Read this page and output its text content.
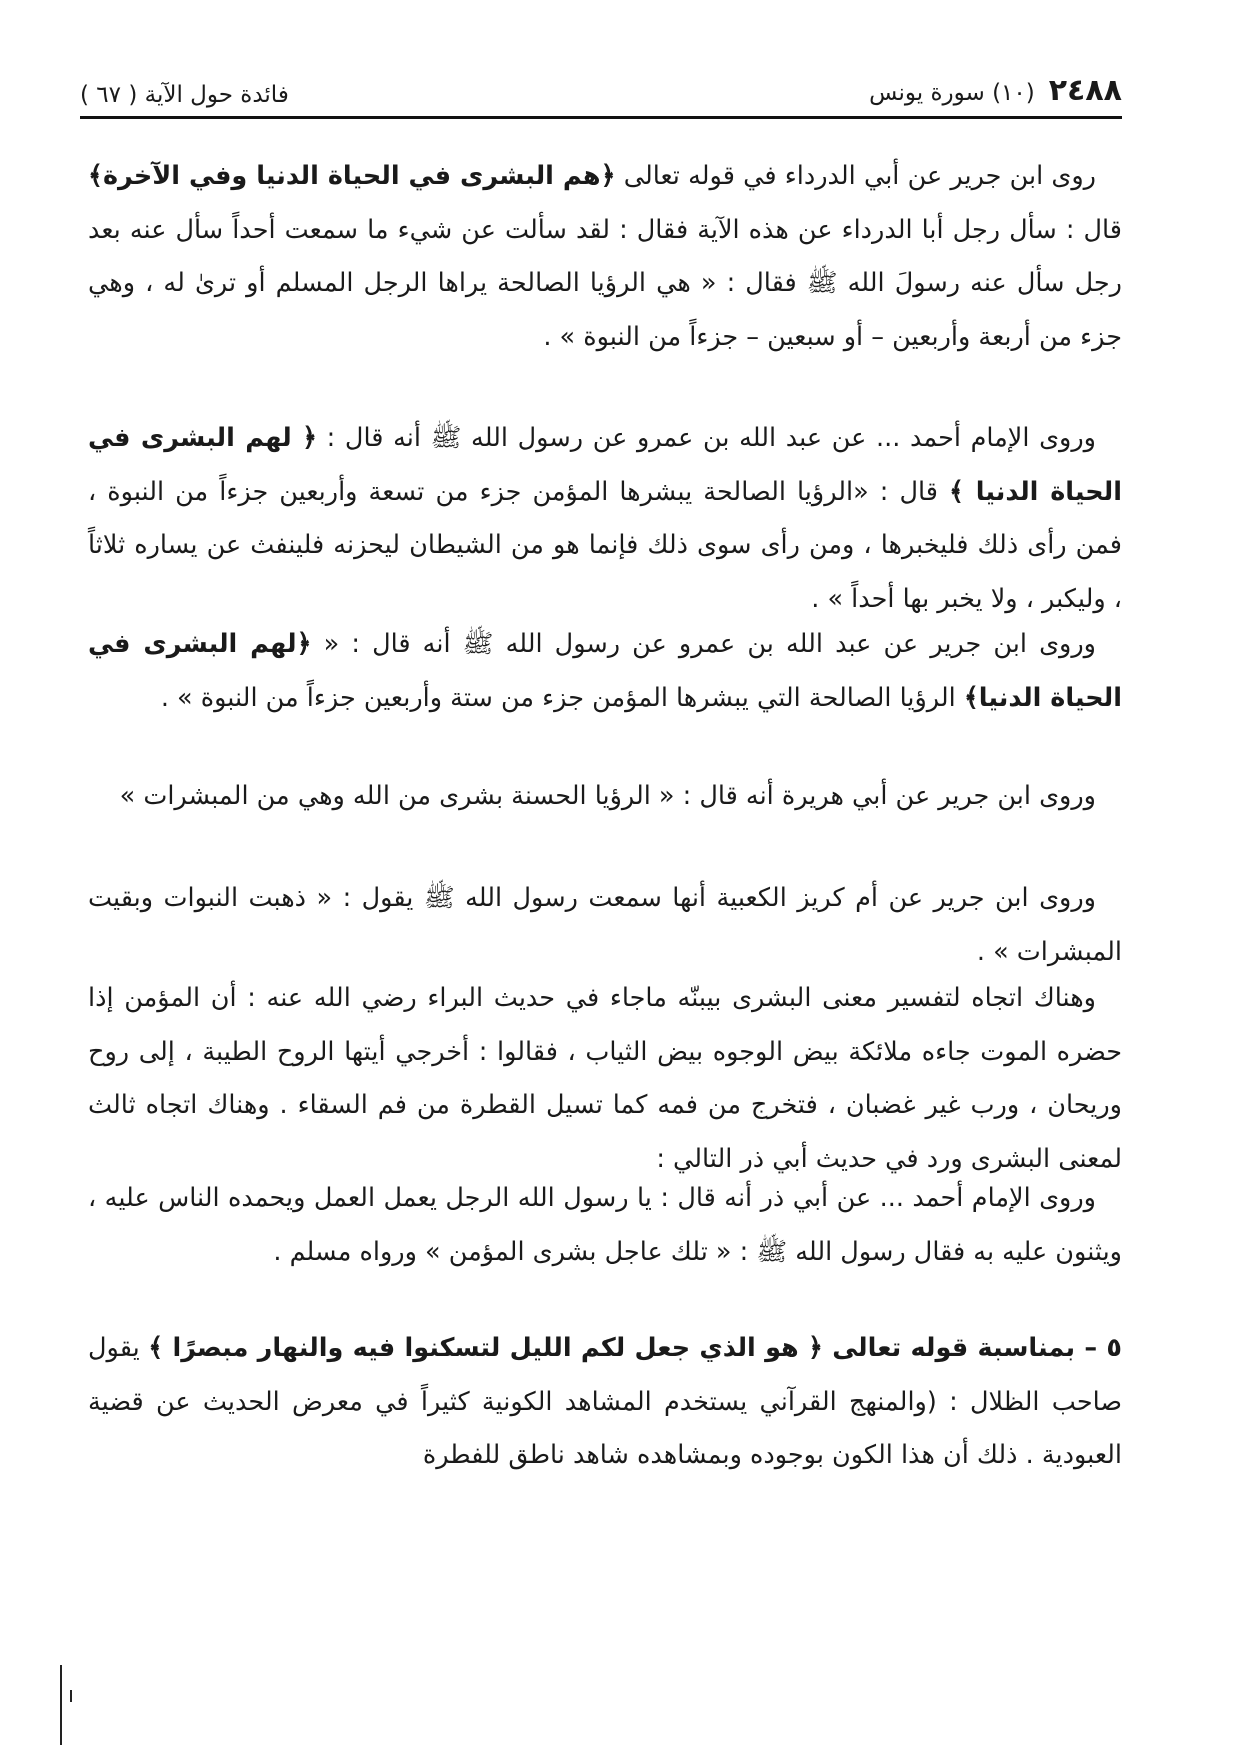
٢٤٨٨
(١٠) سورة يونس
فائدة حول الآية ( ٦٧ )

روى ابن جرير عن أبي الدرداء في قوله تعالى ﴿هم البشرى في الحياة الدنيا وفي الآخرة﴾ قال : سأل رجل أبا الدرداء عن هذه الآية فقال : لقد سألت عن شيء ما سمعت أحداً سأل عنه بعد رجل سأل عنه رسولَ الله ﷺ فقال : « هي الرؤيا الصالحة يراها الرجل المسلم أو ترىٰ له ، وهي جزء من أربعة وأربعين – أو سبعين – جزءاً من النبوة » .

وروى الإمام أحمد ... عن عبد الله بن عمرو عن رسول الله ﷺ أنه قال : ﴿ لهم البشرى في الحياة الدنيا ﴾ قال : «الرؤيا الصالحة يبشرها المؤمن جزء من تسعة وأربعين جزءاً من النبوة ، فمن رأى ذلك فليخبرها ، ومن رأى سوى ذلك فإنما هو من الشيطان ليحزنه فلينفث عن يساره ثلاثاً ، وليكبر ، ولا يخبر بها أحداً » .

وروى ابن جرير عن عبد الله بن عمرو عن رسول الله ﷺ أنه قال : « ﴿لهم البشرى في الحياة الدنيا﴾ الرؤيا الصالحة التي يبشرها المؤمن جزء من ستة وأربعين جزءاً من النبوة » .

وروى ابن جرير عن أبي هريرة أنه قال : « الرؤيا الحسنة بشرى من الله وهي من المبشرات »

وروى ابن جرير عن أم كريز الكعبية أنها سمعت رسول الله ﷺ يقول : « ذهبت النبوات وبقيت المبشرات » .

وهناك اتجاه لتفسير معنى البشرى بيبنّه ماجاء في حديث البراء رضي الله عنه : أن المؤمن إذا حضره الموت جاءه ملائكة بيض الوجوه بيض الثياب ، فقالوا : أخرجي أيتها الروح الطيبة ، إلى روح وريحان ، ورب غير غضبان ، فتخرج من فمه كما تسيل القطرة من فم السقاء . وهناك اتجاه ثالث لمعنى البشرى ورد في حديث أبي ذر التالي :

وروى الإمام أحمد ... عن أبي ذر أنه قال : يا رسول الله الرجل يعمل العمل ويحمده الناس عليه ، ويثنون عليه به فقال رسول الله ﷺ : « تلك عاجل بشرى المؤمن » ورواه مسلم .

٥ – بمناسبة قوله تعالى ﴿ هو الذي جعل لكم الليل لتسكنوا فيه والنهار مبصرًا ﴾ يقول صاحب الظلال : (والمنهج القرآني يستخدم المشاهد الكونية كثيراً في معرض الحديث عن قضية العبودية . ذلك أن هذا الكون بوجوده وبمشاهده شاهد ناطق للفطرة
